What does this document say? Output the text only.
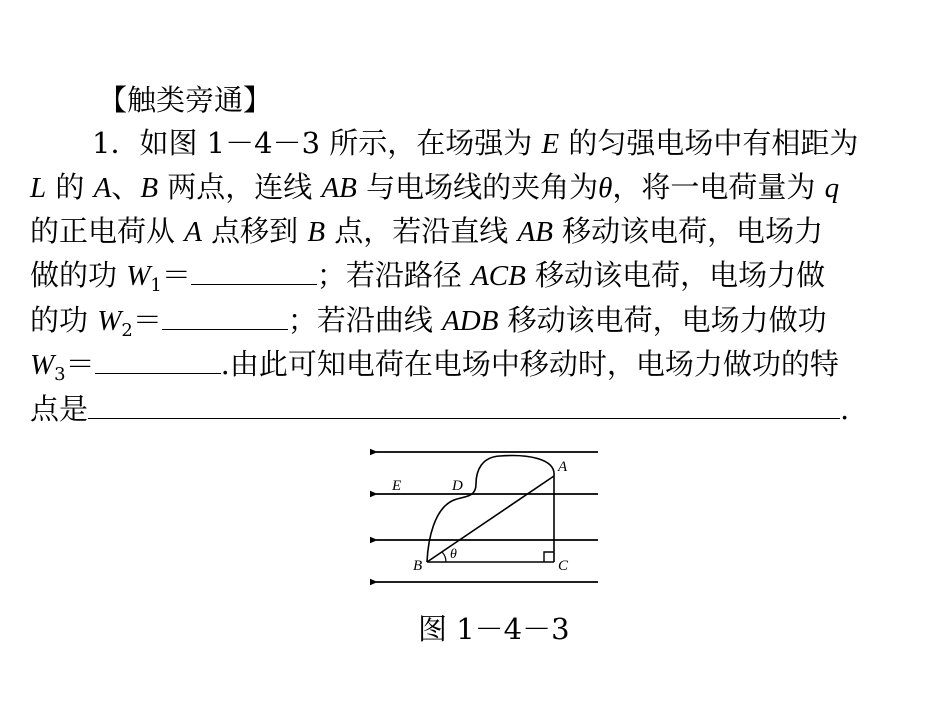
【触类旁通】
1．如图 1－4－3 所示，在场强为 E 的匀强电场中有相距为
L 的 A、B 两点，连线 AB 与电场线的夹角为θ，将一电荷量为 q
的正电荷从 A 点移到 B 点，若沿直线 AB 移动该电荷，电场力
做的功 $W_1=$	；若沿路径 ACB 移动该电荷，电场力做
的功 $W_2=$	；若沿曲线 ADB 移动该电荷，电场力做功
$W_3=$	.由此可知电荷在电场中移动时，电场力做功的特
点是	.
A
E	D
θ
B	C
图 1－4－3
